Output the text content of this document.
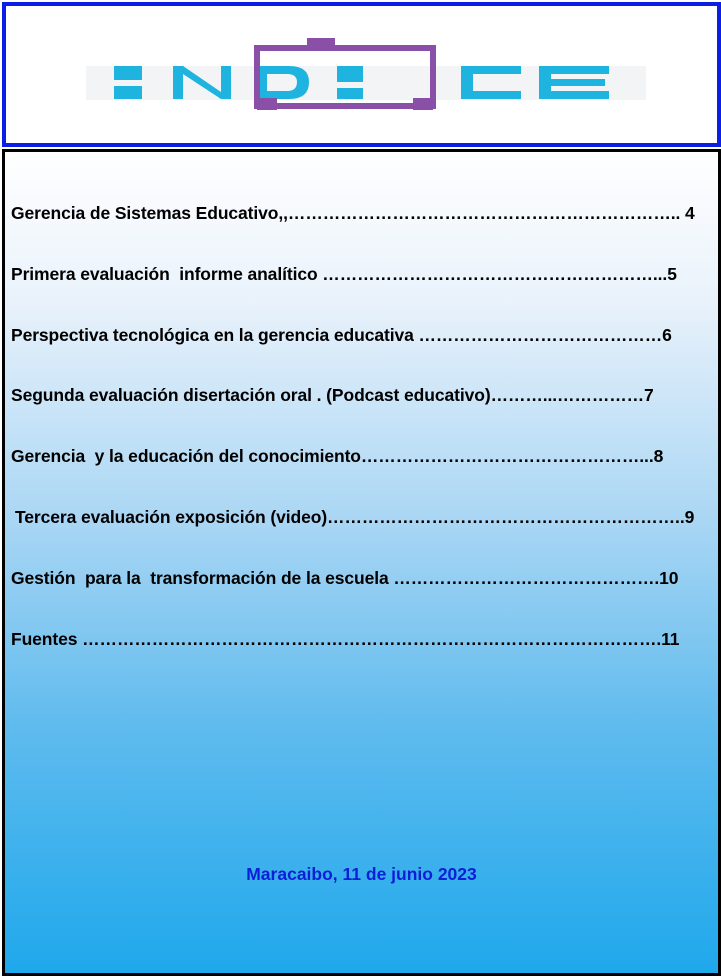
Gerencia de Sistemas Educativo,,………………………………………………………….. 4
Primera evaluación  informe analítico …………………………………………………...5
Perspectiva tecnológica en la gerencia educativa ……………………………………6
Segunda evaluación disertación oral . (Podcast educativo)………...……………7
Gerencia  y la educación del conocimiento…………………………………………...8
Tercera evaluación exposición (video)……………………………………………………..9
Gestión  para la  transformación de la escuela ……………………………………….10
Fuentes ……………………………………………………………………………………….11
Maracaibo, 11 de junio 2023
